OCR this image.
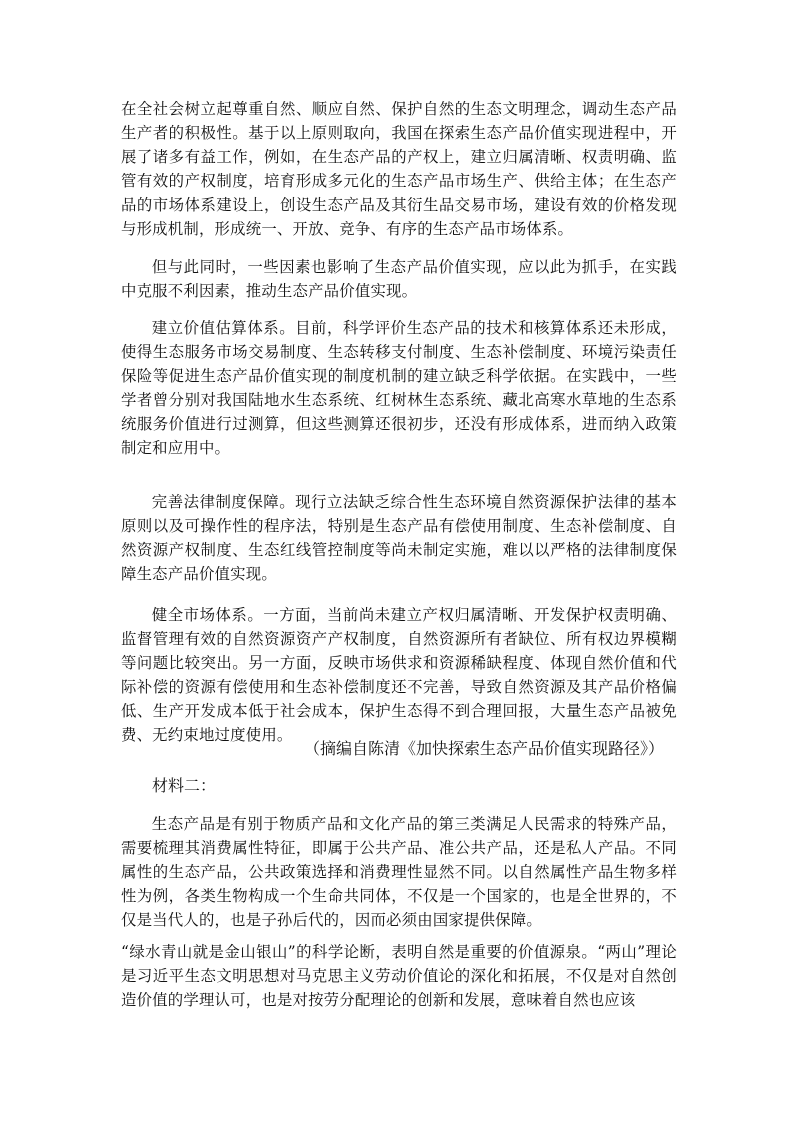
在全社会树立起尊重自然、顺应自然、保护自然的生态文明理念，调动生态产品生产者的积极性。基于以上原则取向，我国在探索生态产品价值实现进程中，开展了诸多有益工作，例如，在生态产品的产权上，建立归属清晰、权责明确、监管有效的产权制度，培育形成多元化的生态产品市场生产、供给主体；在生态产品的市场体系建设上，创设生态产品及其衍生品交易市场，建设有效的价格发现与形成机制，形成统一、开放、竞争、有序的生态产品市场体系。

但与此同时，一些因素也影响了生态产品价值实现，应以此为抓手，在实践中克服不利因素，推动生态产品价值实现。

建立价值估算体系。目前，科学评价生态产品的技术和核算体系还未形成，使得生态服务市场交易制度、生态转移支付制度、生态补偿制度、环境污染责任保险等促进生态产品价值实现的制度机制的建立缺乏科学依据。在实践中，一些学者曾分别对我国陆地水生态系统、红树林生态系统、藏北高寒水草地的生态系统服务价值进行过测算，但这些测算还很初步，还没有形成体系，进而纳入政策制定和应用中。

完善法律制度保障。现行立法缺乏综合性生态环境自然资源保护法律的基本原则以及可操作性的程序法，特别是生态产品有偿使用制度、生态补偿制度、自然资源产权制度、生态红线管控制度等尚未制定实施，难以以严格的法律制度保障生态产品价值实现。

健全市场体系。一方面，当前尚未建立产权归属清晰、开发保护权责明确、监督管理有效的自然资源资产产权制度，自然资源所有者缺位、所有权边界模糊等问题比较突出。另一方面，反映市场供求和资源稀缺程度、体现自然价值和代际补偿的资源有偿使用和生态补偿制度还不完善，导致自然资源及其产品价格偏低、生产开发成本低于社会成本，保护生态得不到合理回报，大量生态产品被免费、无约束地过度使用。

（摘编自陈清《加快探索生态产品价值实现路径》）

材料二：

生态产品是有别于物质产品和文化产品的第三类满足人民需求的特殊产品，需要梳理其消费属性特征，即属于公共产品、准公共产品，还是私人产品。不同属性的生态产品，公共政策选择和消费理性显然不同。以自然属性产品生物多样性为例，各类生物构成一个生命共同体，不仅是一个国家的，也是全世界的，不仅是当代人的，也是子孙后代的，因而必须由国家提供保障。

“绿水青山就是金山银山”的科学论断，表明自然是重要的价值源泉。“两山”理论是习近平生态文明思想对马克思主义劳动价值论的深化和拓展，不仅是对自然创造价值的学理认可，也是对按劳分配理论的创新和发展，意味着自然也应该
